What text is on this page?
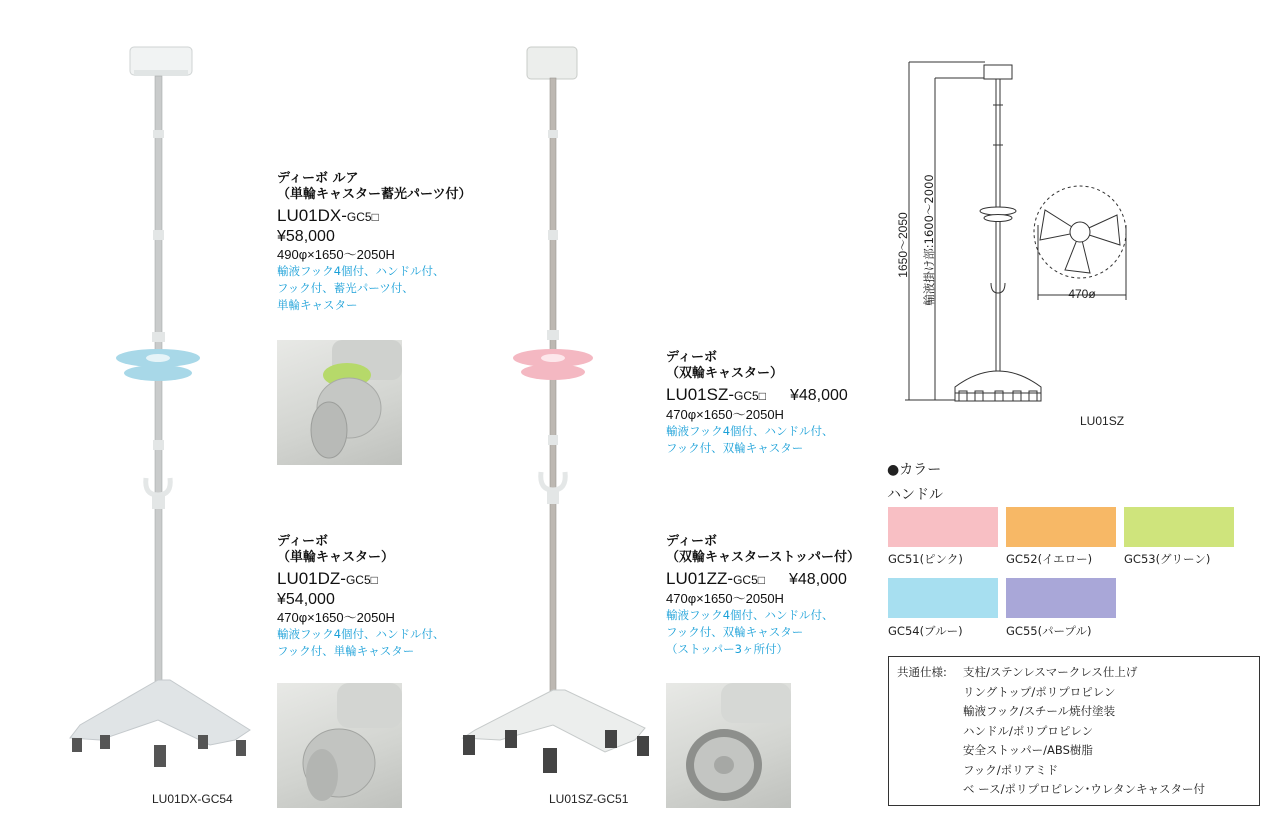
LU01DX-GC54	LU01SZ-GC51
ディーボ ルア
（単輪キャスター蓄光パーツ付）
LU01DX-GC5□
¥58,000
490φ×1650〜2050H
輸液フック4個付、ハンドル付、
フック付、蓄光パーツ付、
単輪キャスター
ディーボ
（単輪キャスター）
LU01DZ-GC5□
¥54,000
470φ×1650〜2050H
輸液フック4個付、ハンドル付、
フック付、単輪キャスター
ディーボ
（双輪キャスター）
LU01SZ-GC5□ ¥48,000
470φ×1650〜2050H
輸液フック4個付、ハンドル付、
フック付、双輪キャスター
ディーボ
（双輪キャスターストッパー付）
LU01ZZ-GC5□ ¥48,000
470φ×1650〜2050H
輸液フック4個付、ハンドル付、
フック付、双輪キャスター
（ストッパー3ヶ所付）
1650〜2050 輸液掛け部:1600〜2000	470ø
LU01SZ
●カラー
ハンドル
GC51(ピンク)	GC52(イエロー)	GC53(グリーン)
GC54(ブルー)	GC55(パープル)
共通仕様:	支柱/ステンレスマークレス仕上げ
リングトップ/ポリプロピレン
輸液フック/スチール焼付塗装
ハンドル/ポリプロピレン
安全ストッパー/ABS樹脂
フック/ポリアミド
ベ ース/ポリプロピレン･ウレタンキャスター付
